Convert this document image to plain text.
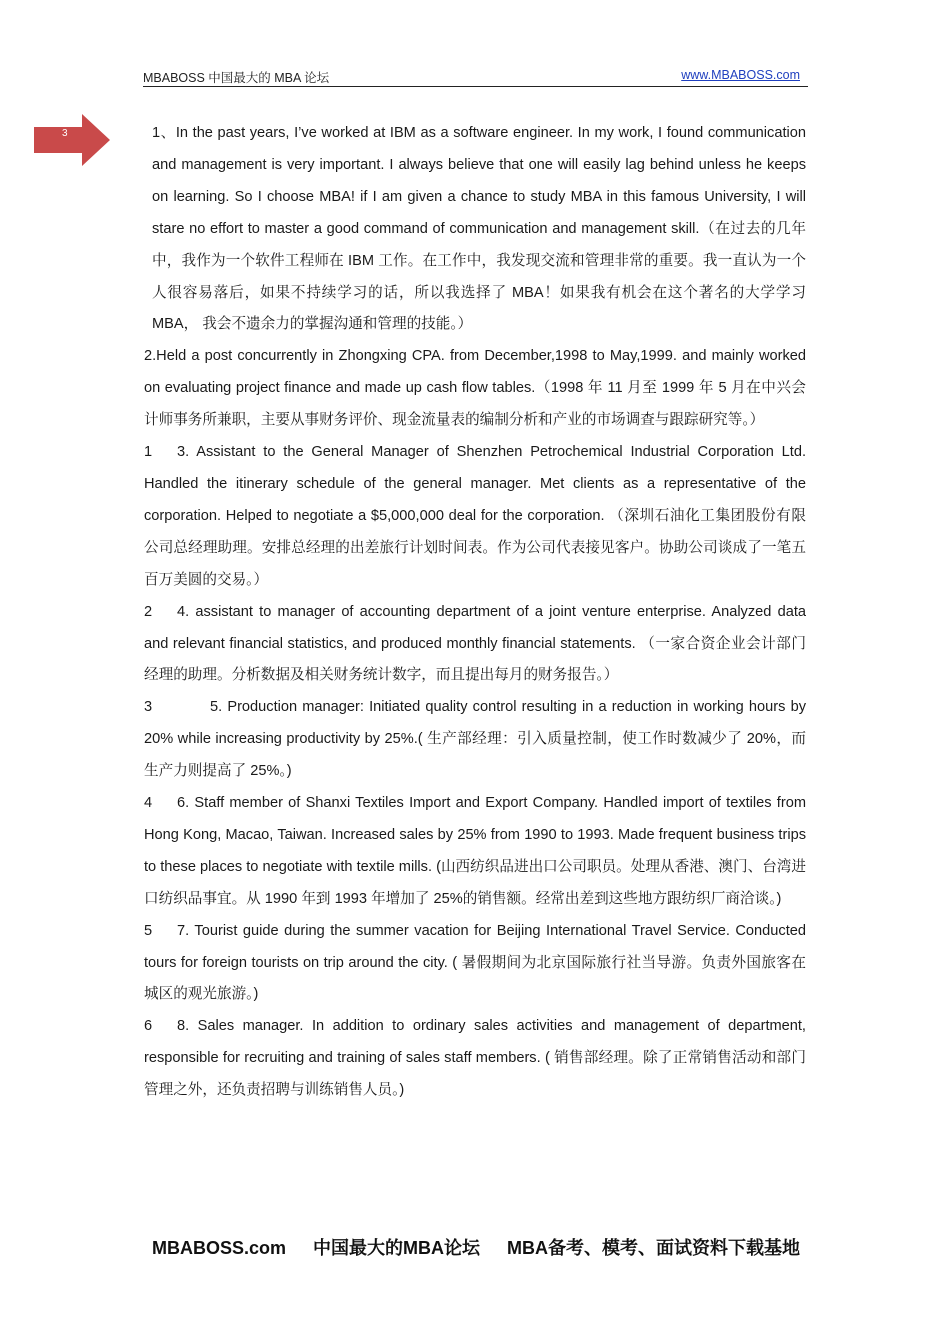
MBABOSS 中国最大的 MBA 论坛	www.MBABOSS.com
3	1、In the past years, I’ve worked at IBM as a software engineer. In my work, I found communication and management is very important. I always believe that one will easily lag behind unless he keeps on learning. So I choose MBA! if I am given a chance to study MBA in this famous University, I will stare no effort to master a good command of communication and management skill.（在过去的几年中，我作为一个软件工程师在 IBM 工作。在工作中，我发现交流和管理非常的重要。我一直认为一个人很容易落后，如果不持续学习的话，所以我选择了 MBA！如果我有机会在这个著名的大学学习 MBA， 我会不遗余力的掌握沟通和管理的技能。）

2.Held a post concurrently in Zhongxing CPA. from December,1998 to May,1999. and mainly worked on evaluating project finance and made up cash flow tables.（1998 年 11 月至 1999 年 5 月在中兴会计师事务所兼职，主要从事财务评价、现金流量表的编制分析和产业的市场调查与跟踪研究等。）

1 3. Assistant to the General Manager of Shenzhen Petrochemical Industrial Corporation Ltd. Handled the itinerary schedule of the general manager. Met clients as a representative of the corporation. Helped to negotiate a $5,000,000 deal for the corporation. （深圳石油化工集团股份有限公司总经理助理。安排总经理的出差旅行计划时间表。作为公司代表接见客户。协助公司谈成了一笔五百万美圆的交易。）

2 4. assistant to manager of accounting department of a joint venture enterprise. Analyzed data and relevant financial statistics, and produced monthly financial statements. （一家合资企业会计部门经理的助理。分析数据及相关财务统计数字，而且提出每月的财务报告。）

3	5. Production manager: Initiated quality control resulting in a reduction in working hours by 20% while increasing productivity by 25%.( 生产部经理：引入质量控制，使工作时数减少了 20%，而生产力则提高了 25%。)

4 6. Staff member of Shanxi Textiles Import and Export Company. Handled import of textiles from Hong Kong, Macao, Taiwan. Increased sales by 25% from 1990 to 1993. Made frequent business trips to these places to negotiate with textile mills. (山西纺织品进出口公司职员。处理从香港、澳门、台湾进口纺织品事宜。从 1990 年到 1993 年增加了 25%的销售额。经常出差到这些地方跟纺织厂商洽谈。)

5 7. Tourist guide during the summer vacation for Beijing International Travel Service. Conducted tours for foreign tourists on trip around the city. ( 暑假期间为北京国际旅行社当导游。负责外国旅客在城区的观光旅游。)

6 8. Sales manager. In addition to ordinary sales activities and management of department, responsible for recruiting and training of sales staff members. ( 销售部经理。除了正常销售活动和部门管理之外，还负责招聘与训练销售人员。)

MBABOSS.com 中国最大的MBA论坛 MBA备考、模考、面试资料下载基地
